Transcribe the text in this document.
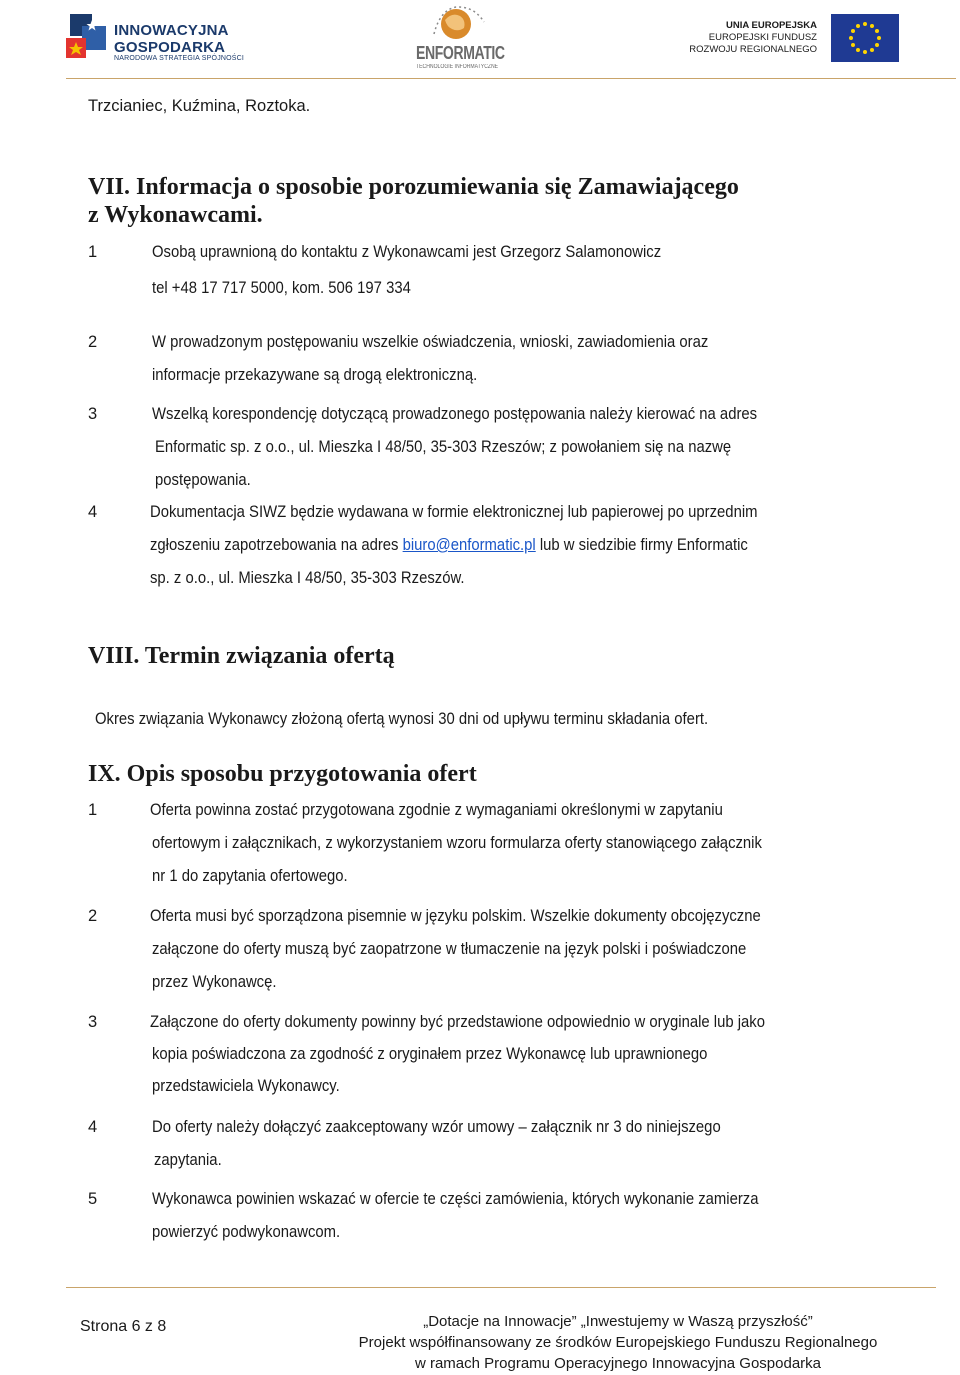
INNOWACYJNA
GOSPODARKA
NARODOWA STRATEGIA SPÓJNOŚCI	ENFORMATIC
TECHNOLOGIE INFORMATYCZNE
UNIA EUROPEJSKA
EUROPEJSKI FUNDUSZ
ROZWOJU REGIONALNEGO
Trzcianiec, Kuźmina, Roztoka.
VII. Informacja o sposobie porozumiewania się Zamawiającego
z Wykonawcami.
1	Osobą uprawnioną do kontaktu z Wykonawcami jest Grzegorz Salamonowicz
tel +48 17 717 5000, kom. 506 197 334
2	W prowadzonym postępowaniu wszelkie oświadczenia, wnioski, zawiadomienia oraz
informacje przekazywane są drogą elektroniczną.
3	Wszelką korespondencję dotyczącą prowadzonego postępowania należy kierować na adres
Enformatic sp. z o.o., ul. Mieszka I 48/50, 35-303 Rzeszów; z powołaniem się na nazwę
postępowania.
4	Dokumentacja SIWZ będzie wydawana w formie elektronicznej lub papierowej po uprzednim
zgłoszeniu zapotrzebowania na adres biuro@enformatic.pl lub w siedzibie firmy Enformatic
sp. z o.o., ul. Mieszka I 48/50, 35-303 Rzeszów.
VIII. Termin związania ofertą
Okres związania Wykonawcy złożoną ofertą wynosi 30 dni od upływu terminu składania ofert.
IX. Opis sposobu przygotowania ofert
1	Oferta powinna zostać przygotowana zgodnie z wymaganiami określonymi w zapytaniu
ofertowym i załącznikach, z wykorzystaniem wzoru formularza oferty stanowiącego załącznik
nr 1 do zapytania ofertowego.
2	Oferta musi być sporządzona pisemnie w języku polskim. Wszelkie dokumenty obcojęzyczne
załączone do oferty muszą być zaopatrzone w tłumaczenie na język polski i poświadczone
przez Wykonawcę.
3	Załączone do oferty dokumenty powinny być przedstawione odpowiednio w oryginale lub jako
kopia poświadczona za zgodność z oryginałem przez Wykonawcę lub uprawnionego
przedstawiciela Wykonawcy.
4	Do oferty należy dołączyć zaakceptowany wzór umowy – załącznik nr 3 do niniejszego
zapytania.
5	Wykonawca powinien wskazać w ofercie te części zamówienia, których wykonanie zamierza
powierzyć podwykonawcom.
Strona 6 z 8	„Dotacje na Innowacje” „Inwestujemy w Waszą przyszłość”
Projekt współfinansowany ze środków Europejskiego Funduszu Regionalnego
w ramach Programu Operacyjnego Innowacyjna Gospodarka
